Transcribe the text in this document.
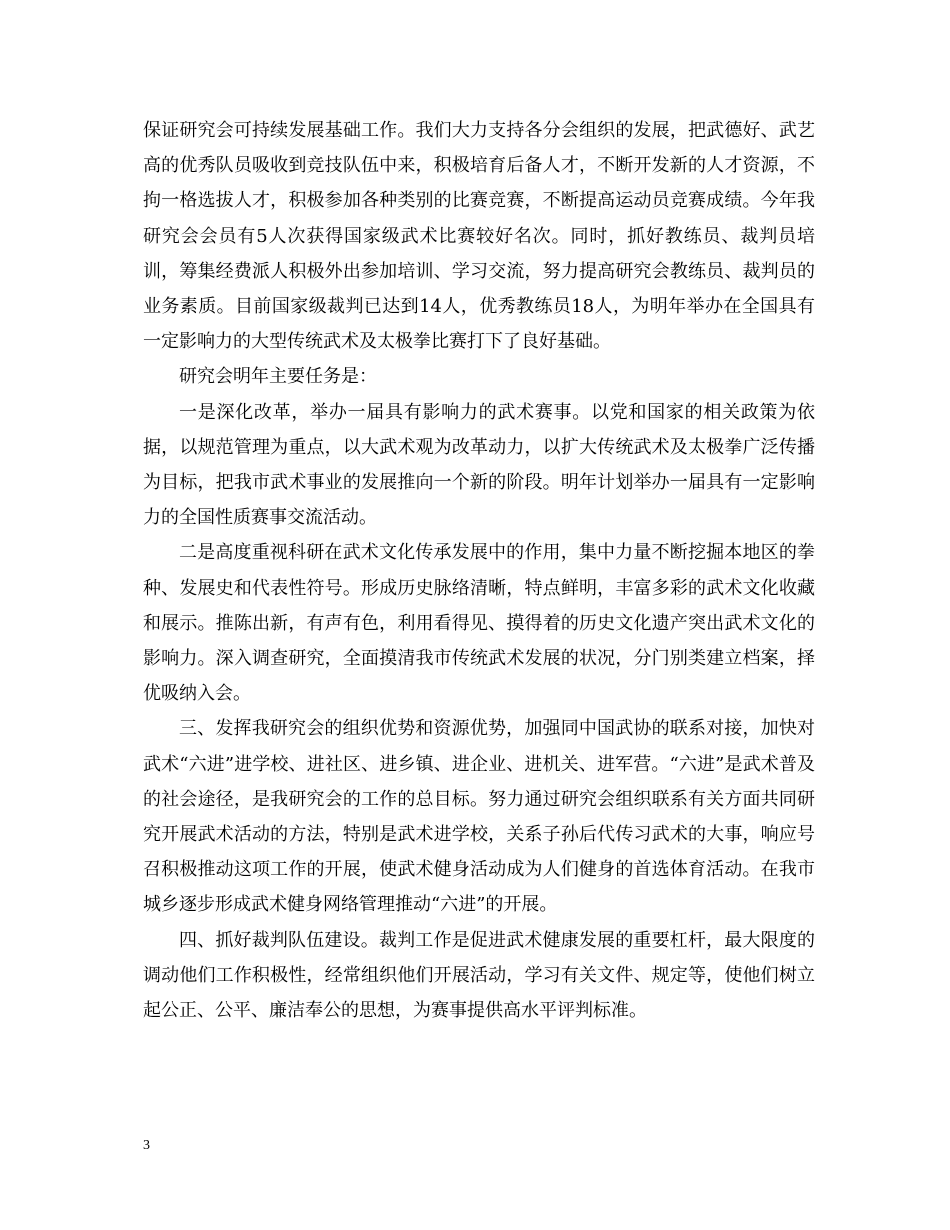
保证研究会可持续发展基础工作。我们大力支持各分会组织的发展，把武德好、武艺高的优秀队员吸收到竞技队伍中来，积极培育后备人才，不断开发新的人才资源，不拘一格选拔人才，积极参加各种类别的比赛竞赛，不断提高运动员竞赛成绩。今年我研究会会员有5人次获得国家级武术比赛较好名次。同时，抓好教练员、裁判员培训，筹集经费派人积极外出参加培训、学习交流，努力提高研究会教练员、裁判员的业务素质。目前国家级裁判已达到14人，优秀教练员18人，为明年举办在全国具有一定影响力的大型传统武术及太极拳比赛打下了良好基础。

研究会明年主要任务是：

一是深化改革，举办一届具有影响力的武术赛事。以党和国家的相关政策为依据，以规范管理为重点，以大武术观为改革动力，以扩大传统武术及太极拳广泛传播为目标，把我市武术事业的发展推向一个新的阶段。明年计划举办一届具有一定影响力的全国性质赛事交流活动。

二是高度重视科研在武术文化传承发展中的作用，集中力量不断挖掘本地区的拳种、发展史和代表性符号。形成历史脉络清晰，特点鲜明，丰富多彩的武术文化收藏和展示。推陈出新，有声有色，利用看得见、摸得着的历史文化遗产突出武术文化的影响力。深入调查研究，全面摸清我市传统武术发展的状况，分门别类建立档案，择优吸纳入会。

三、发挥我研究会的组织优势和资源优势，加强同中国武协的联系对接，加快对武术“六进”进学校、进社区、进乡镇、进企业、进机关、进军营。“六进”是武术普及的社会途径，是我研究会的工作的总目标。努力通过研究会组织联系有关方面共同研究开展武术活动的方法，特别是武术进学校，关系子孙后代传习武术的大事，响应号召积极推动这项工作的开展，使武术健身活动成为人们健身的首选体育活动。在我市城乡逐步形成武术健身网络管理推动“六进”的开展。

四、抓好裁判队伍建设。裁判工作是促进武术健康发展的重要杠杆，最大限度的调动他们工作积极性，经常组织他们开展活动，学习有关文件、规定等，使他们树立起公正、公平、廉洁奉公的思想，为赛事提供高水平评判标准。

3
